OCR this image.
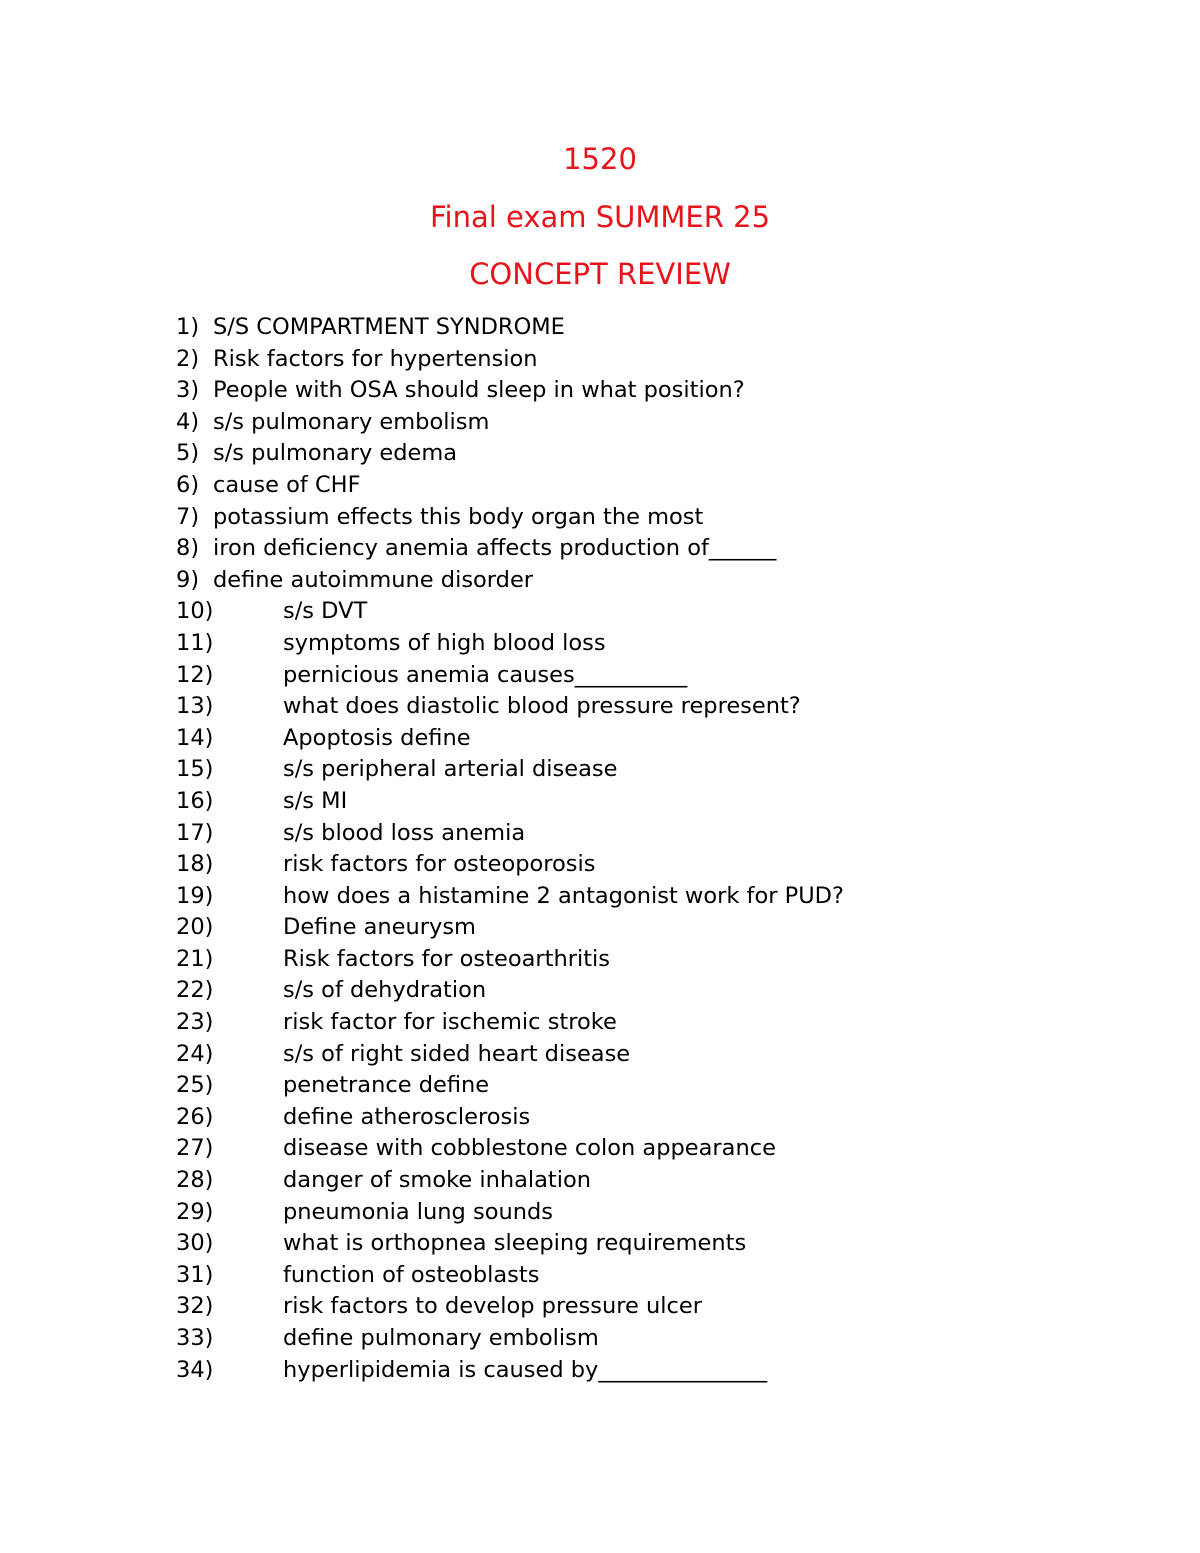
1520
Final exam SUMMER 25
CONCEPT REVIEW
1) S/S COMPARTMENT SYNDROME
2) Risk factors for hypertension
3) People with OSA should sleep in what position?
4) s/s pulmonary embolism
5) s/s pulmonary edema
6) cause of CHF
7) potassium effects this body organ the most
8) iron deficiency anemia affects production of______
9) define autoimmune disorder
10)	s/s DVT
11)	symptoms of high blood loss
12)	pernicious anemia causes__________
13)	what does diastolic blood pressure represent?
14)	Apoptosis define
15)	s/s peripheral arterial disease
16)	s/s MI
17)	s/s blood loss anemia
18)	risk factors for osteoporosis
19)	how does a histamine 2 antagonist work for PUD?
20)	Define aneurysm
21)	Risk factors for osteoarthritis
22)	s/s of dehydration
23)	risk factor for ischemic stroke
24)	s/s of right sided heart disease
25)	penetrance define
26)	define atherosclerosis
27)	disease with cobblestone colon appearance
28)	danger of smoke inhalation
29)	pneumonia lung sounds
30)	what is orthopnea sleeping requirements
31)	function of osteoblasts
32)	risk factors to develop pressure ulcer
33)	define pulmonary embolism
34)	hyperlipidemia is caused by_______________
